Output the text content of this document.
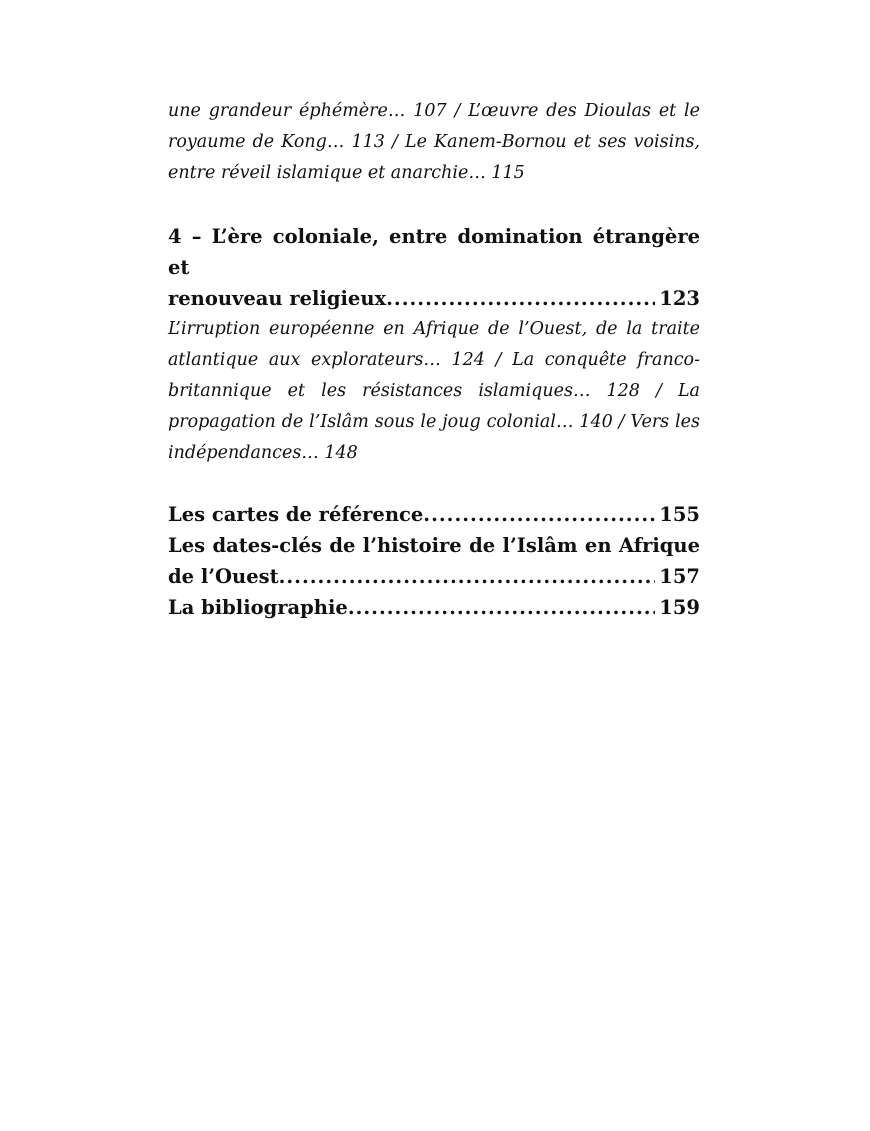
une grandeur éphémère… 107 / L’œuvre des Dioulas et le

royaume de Kong… 113 / Le Kanem-Bornou et ses voisins,

entre réveil islamique et anarchie… 115

4 – L’ère coloniale, entre domination étrangère et

renouveau religieux .....	123

L’irruption européenne en Afrique de l’Ouest, de la traite

atlantique aux explorateurs… 124 / La conquête franco-

britannique et les résistances islamiques… 128 / La

propagation de l’Islâm sous le joug colonial… 140 / Vers les

indépendances… 148

Les cartes de référence .....	155
Les dates-clés de l’histoire de l’Islâm en Afrique
de l’Ouest .....	157
La bibliographie .....	159
